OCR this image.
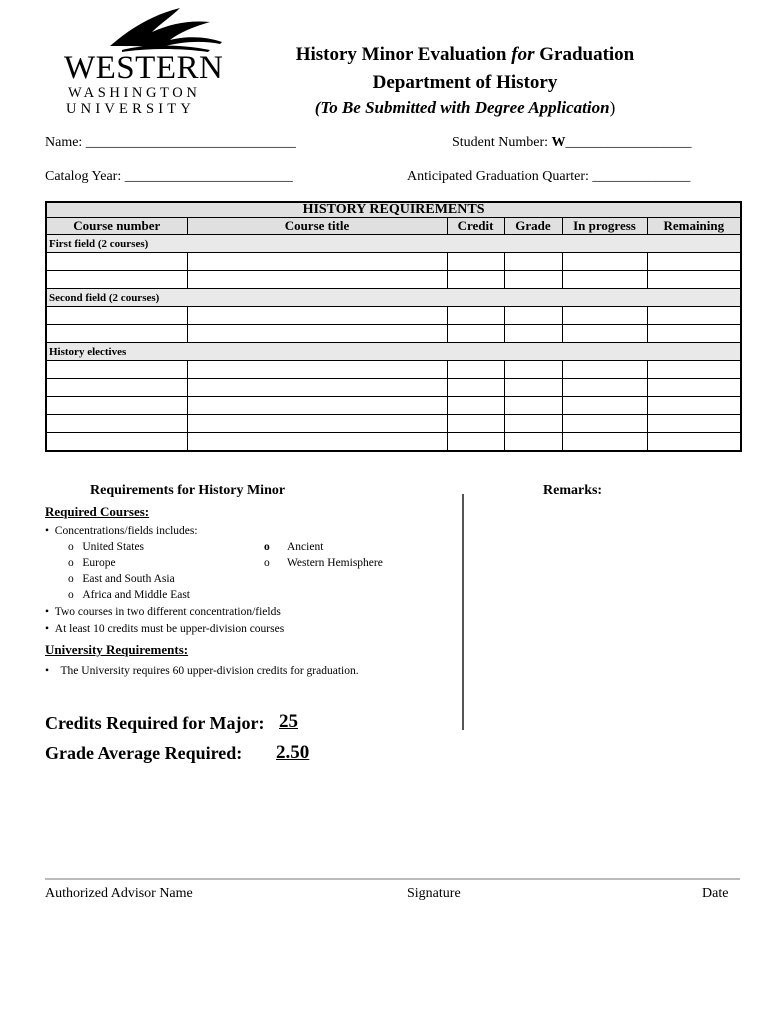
WESTERN
WASHINGTON
UNIVERSITY
History Minor Evaluation for Graduation
Department of History
(To Be Submitted with Degree Application)
Name: ______________________________	Student Number: W__________________
Catalog Year: ________________________	Anticipated Graduation Quarter: ______________
HISTORY REQUIREMENTS					
Course number	Course title	Credit	Grade	In progress	Remaining
First field (2 courses)					

Second field (2 courses)					

History electives					

Requirements for History Minor	Remarks:
Required Courses:
•  Concentrations/fields includes:
o   United States
o   Europe
o   East and South Asia
o   Africa and Middle East
o Ancient
o      Western Hemisphere
•  Two courses in two different concentration/fields
•  At least 10 credits must be upper-division courses
University Requirements:
•    The University requires 60 upper-division credits for graduation.
Credits Required for Major: 25
Grade Average Required: 2.50
Authorized Advisor Name	Signature	Date
